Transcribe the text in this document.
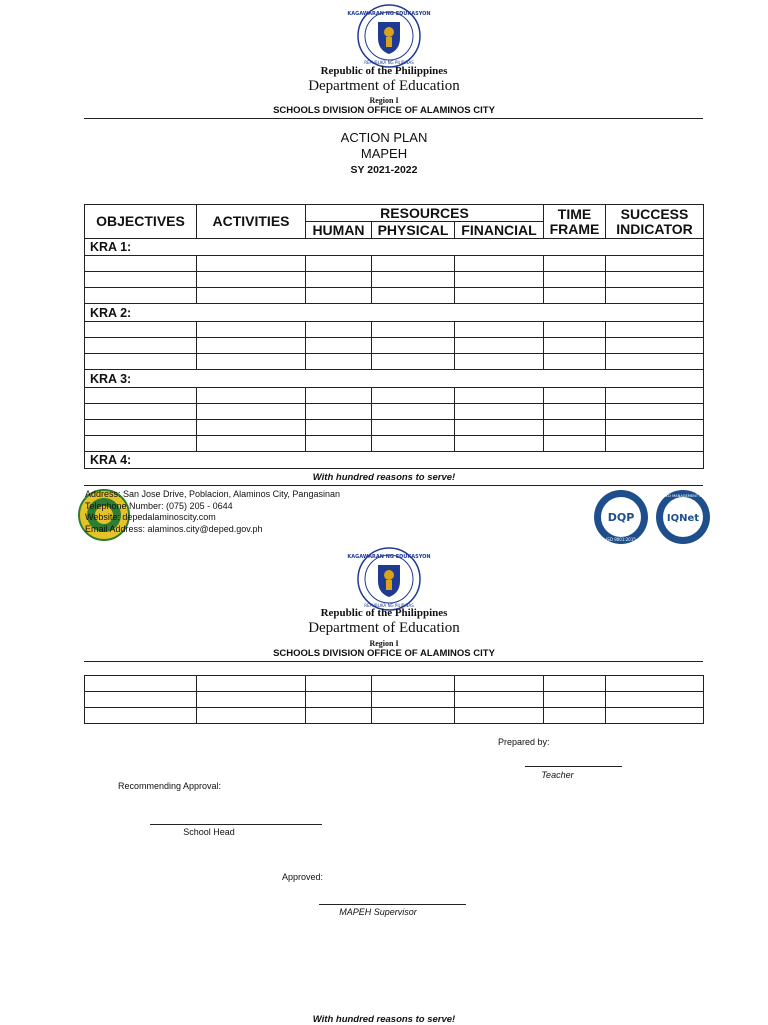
KAGAWARAN NG EDUKASYON
REPUBLIKA NG PILIPINAS
Republic of the Philippines
Department of Education
Region I
SCHOOLS DIVISION OFFICE OF ALAMINOS CITY
ACTION PLAN
MAPEH
SY 2021-2022
OBJECTIVES	ACTIVITIES	RESOURCES			TIME FRAME	SUCCESS INDICATOR
		HUMAN	PHYSICAL	FINANCIAL		
KRA 1:						

KRA 2:						

KRA 3:						

KRA 4:						
With hundred reasons to serve!
Address: San Jose Drive, Poblacion, Alaminos City, Pangasinan
Telephone Number: (075) 205 - 0644
Website: depedalaminoscity.com
Email Address: alaminos.city@deped.gov.ph
DQP
ISO 9001:2015
IQNet
CERTIFIED MANAGEMENT SYSTEM
KAGAWARAN NG EDUKASYON
REPUBLIKA NG PILIPINAS
Republic of the Philippines
Department of Education
Region I
SCHOOLS DIVISION OFFICE OF ALAMINOS CITY

Prepared by:
Teacher
Recommending Approval:
School Head
Approved:
MAPEH Supervisor
With hundred reasons to serve!
